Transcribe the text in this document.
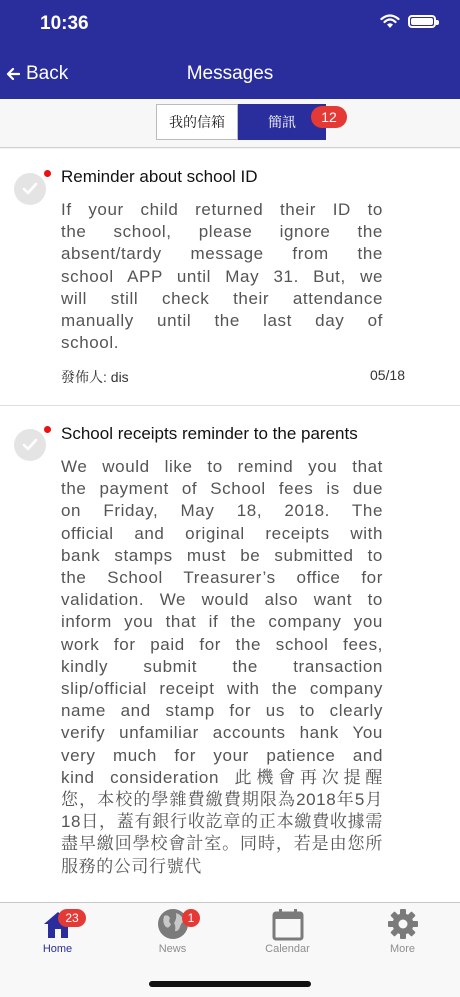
10:36
Back	Messages
我的信箱	簡訊	12
Reminder about school ID
If your child returned their ID to the school, please ignore the absent/tardy message from the school APP until May 31. But, we will still check their attendance manually until the last day of school.
發佈人: dis	05/18
School receipts reminder to the parents
We would like to remind you that the payment of School fees is due on Friday, May 18, 2018. The official and original receipts with bank stamps must be submitted to the School Treasurer’s office for validation. We would also want to inform you that if the company you work for paid for the school fees, kindly submit the transaction slip/official receipt with the company name and stamp for us to clearly verify unfamiliar accounts hank You very much for your patience and kind consideration 此機會再次提醒您，本校的學雜費繳費期限為2018年5月18日，蓋有銀行收訖章的正本繳費收據需盡早繳回學校會計室。同時，若是由您所服務的公司行號代
23
Home
1
News	Calendar	More
